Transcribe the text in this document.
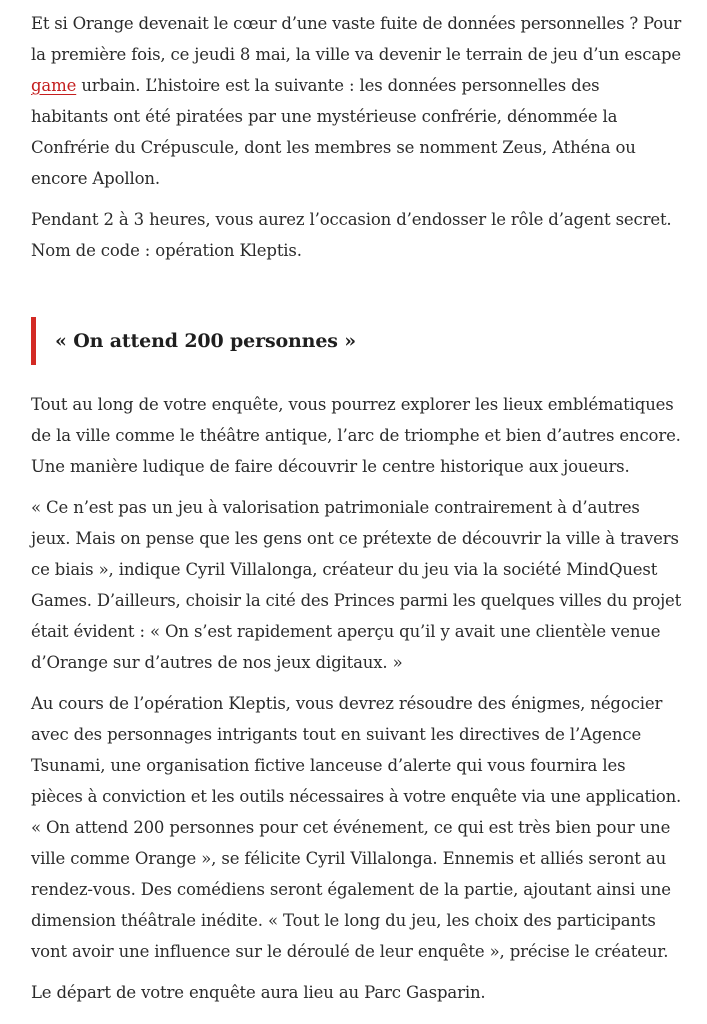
Et si Orange devenait le cœur d’une vaste fuite de données personnelles ? Pour
la première fois, ce jeudi 8 mai, la ville va devenir le terrain de jeu d’un escape
game urbain. L’histoire est la suivante : les données personnelles des
habitants ont été piratées par une mystérieuse confrérie, dénommée la
Confrérie du Crépuscule, dont les membres se nomment Zeus, Athéna ou
encore Apollon.

Pendant 2 à 3 heures, vous aurez l’occasion d’endosser le rôle d’agent secret.
Nom de code : opération Kleptis.

« On attend 200 personnes »

Tout au long de votre enquête, vous pourrez explorer les lieux emblématiques
de la ville comme le théâtre antique, l’arc de triomphe et bien d’autres encore.
Une manière ludique de faire découvrir le centre historique aux joueurs.

« Ce n’est pas un jeu à valorisation patrimoniale contrairement à d’autres
jeux. Mais on pense que les gens ont ce prétexte de découvrir la ville à travers
ce biais », indique Cyril Villalonga, créateur du jeu via la société MindQuest
Games. D’ailleurs, choisir la cité des Princes parmi les quelques villes du projet
était évident : « On s’est rapidement aperçu qu’il y avait une clientèle venue
d’Orange sur d’autres de nos jeux digitaux. »

Au cours de l’opération Kleptis, vous devrez résoudre des énigmes, négocier
avec des personnages intrigants tout en suivant les directives de l’Agence
Tsunami, une organisation fictive lanceuse d’alerte qui vous fournira les
pièces à conviction et les outils nécessaires à votre enquête via une application.
« On attend 200 personnes pour cet événement, ce qui est très bien pour une
ville comme Orange », se félicite Cyril Villalonga. Ennemis et alliés seront au
rendez-vous. Des comédiens seront également de la partie, ajoutant ainsi une
dimension théâtrale inédite. « Tout le long du jeu, les choix des participants
vont avoir une influence sur le déroulé de leur enquête », précise le créateur.

Le départ de votre enquête aura lieu au Parc Gasparin.
